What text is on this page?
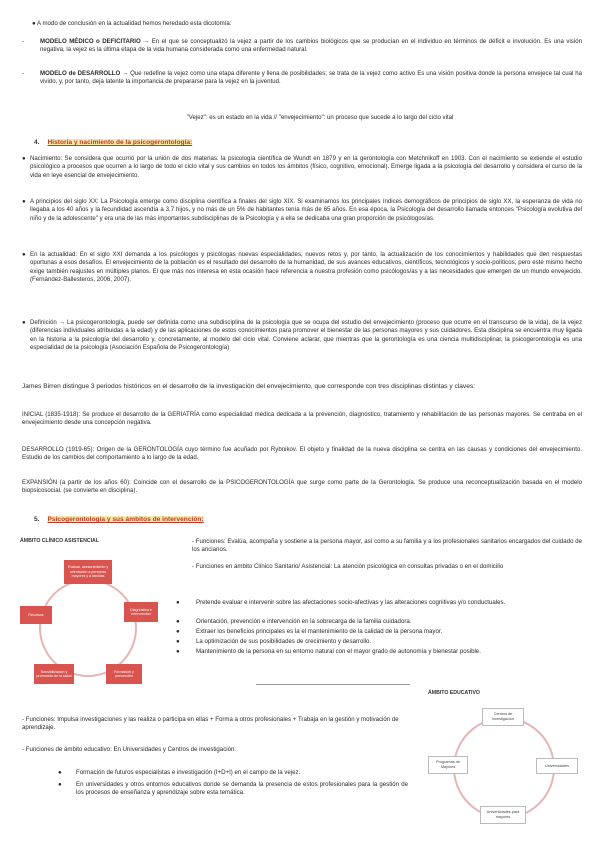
● A modo de conclusión en la actualidad hemos heredado esta dicotomía:
-	MODELO MÉDICO o DEFICITARIO → En el que se conceptualizó la vejez a partir de los cambios biológicos que se producían en el individuo en términos de déficit e involución. Es una visión negativa, la vejez es la última etapa de la vida humana considerada como una enfermedad natural.
-	MODELO de DESARROLLO → Que redefine la vejez como una etapa diferente y llena de posibilidades; se trata de la vejez como activo Es una visión positiva donde la persona envejece tal cual ha vivido, y, por tanto, deja latente la importancia de prepararse para la vejez en la juventud.
"Vejez": es un estado en la vida // "envejecimiento": un proceso que sucede a lo largo del ciclo vital
4. Historia y nacimiento de la psicogerontología:
● Nacimiento: Se considera que ocurrió por la unión de dos materias: la psicología científica de Wundt en 1879 y en la gerontología con Metchnikoff en 1903. Con el nacimiento se extiende el estudio psicológico a procesos que ocurren a lo largo de todo el ciclo vital y sus cambios en todos los ámbitos (físico, cognitivo, emocional). Emerge ligada a la psicología del desarrollo y considera el curso de la vida en leye esencial de envejecimiento.
● A principios del siglo XX: La Psicología emerge como disciplina científica a finales del siglo XIX. Si examinamos los principales índices demográficos de principios de siglo XX, la esperanza de vida no llegaba a los 40 años y la fecundidad ascendía a 3,7 hijos, y no más de un 5% de habitantes tenía más de 65 años. En esa época, la Psicología del desarrollo llamada entonces "Psicología evolutiva del niño y de la adolescente" y era una de las más importantes subdisciplinas de la Psicología y a ella se dedicaba una gran proporción de psicólogos/as.
● En la actualidad: En el siglo XXI demanda a los psicólogos y psicólogas nuevas especialidades, nuevos retos y, por tanto, la actualización de los conocimientos y habilidades que den respuestas oportunas a esos desafíos. El envejecimiento de la población es el resultado del desarrollo de la humanidad, de sus avances educativos, científicos, tecnológicos y socio-políticos; pero este mismo hecho exige también reajustes en múltiples planos. El que más nos interesa en esta ocasión hace referencia a nuestra profesión como psicólogos/as y a las necesidades que emergen de un mundo envejecido. (Fernández-Ballesteros, 2006, 2007).
● Definición → La psicogerontología, puede ser definida como una subdisciplina de la psicología que se ocupa del estudio del envejecimiento (proceso que ocurre en el transcurso de la vida), de la vejez (diferencias individuales atribuidas a la edad) y de las aplicaciones de estos conocimientos para promover el bienestar de las personas mayores y sus cuidadores. Esta disciplina se encuentra muy ligada en la historia a la psicología del desarrollo y, concretamente, al modelo del ciclo vital. Conviene aclarar, que mientras que la gerontología es una ciencia multidisciplinar, la psicogerontología es una especialidad de la psicología (Asociación Española de Psicogerontología)
James Birren distingue 3 periodos históricos en el desarrollo de la investigación del envejecimiento, que corresponde con tres disciplinas distintas y claves:
INICIAL (1835-1918): Se produce el desarrollo de la GERIATRÍA como especialidad médica dedicada a la prevención, diagnóstico, tratamiento y rehabilitación de las personas mayores. Se centraba en el envejecimiento desde una concepción negativa.
DESARROLLO (1919-65): Origen de la GERONTOLOGÍA cuyo término fue acuñado por Rybnikov. El objeto y finalidad de la nueva disciplina se centra en las causas y condiciones del envejecimiento. Estudio de los cambios del comportamiento a lo largo de la edad.
EXPANSIÓN (a partir de los años 60): Coincide con el desarrollo de la PSICOGERONTOLOGÍA que surge como parte de la Gerontología. Se produce una reconceptualización basada en el modelo biopsicosocial. (se convierte en disciplina).
5. Psicogerontología y sus ámbitos de intervención:
ÁMBITO CLÍNICO ASISTENCIAL
Evaluar, asesoramiento y orientación a personas mayores y a familias
Diagnóstico e intervención
Formación y prevención
Sensibilización y promoción de la salud
Recursos
- Funciones: Evalúa, acompaña y sostiene a la persona mayor, así como a su familia y a los profesionales sanitarios encargados del cuidado de los ancianos.
- Funciones en ámbito Clínico Sanitario/ Asistencial: La atención psicológica en consultas privadas o en el domicilio
●	Pretende evaluar e intervenir sobre las afectaciones socio-afectivas y las alteraciones cognitivas y/o conductuales.
●	Orientación, prevención e intervención en la sobrecarga de la familia cuidadora.
●	Extraer los beneficios principales es la el mantenimiento de la calidad de la persona mayor.
●	La optimización de sus posibilidades de crecimiento y desarrollo.
●	Mantenimiento de la persona en su entorno natural con el mayor grado de autonomía y bienestar posible.
ÁMBITO EDUCATIVO
Centros de investigación
Universidades
Universidades para mayores
Programas de Mayores
- Funciones: Impulsa investigaciones y las realiza o participa en ellas + Forma a otros profesionales + Trabaja en la gestión y motivación de aprendizaje.
- Funciones de ámbito educativo: En Universidades y Centros de investigación:
● Formación de futuros especialistas e investigación (I+D+I) en el campo de la vejez.
● En universidades y otros entornos educativos donde se demanda la presencia de estos profesionales para la gestión de los procesos de enseñanza y aprendizaje sobre esta temática.
